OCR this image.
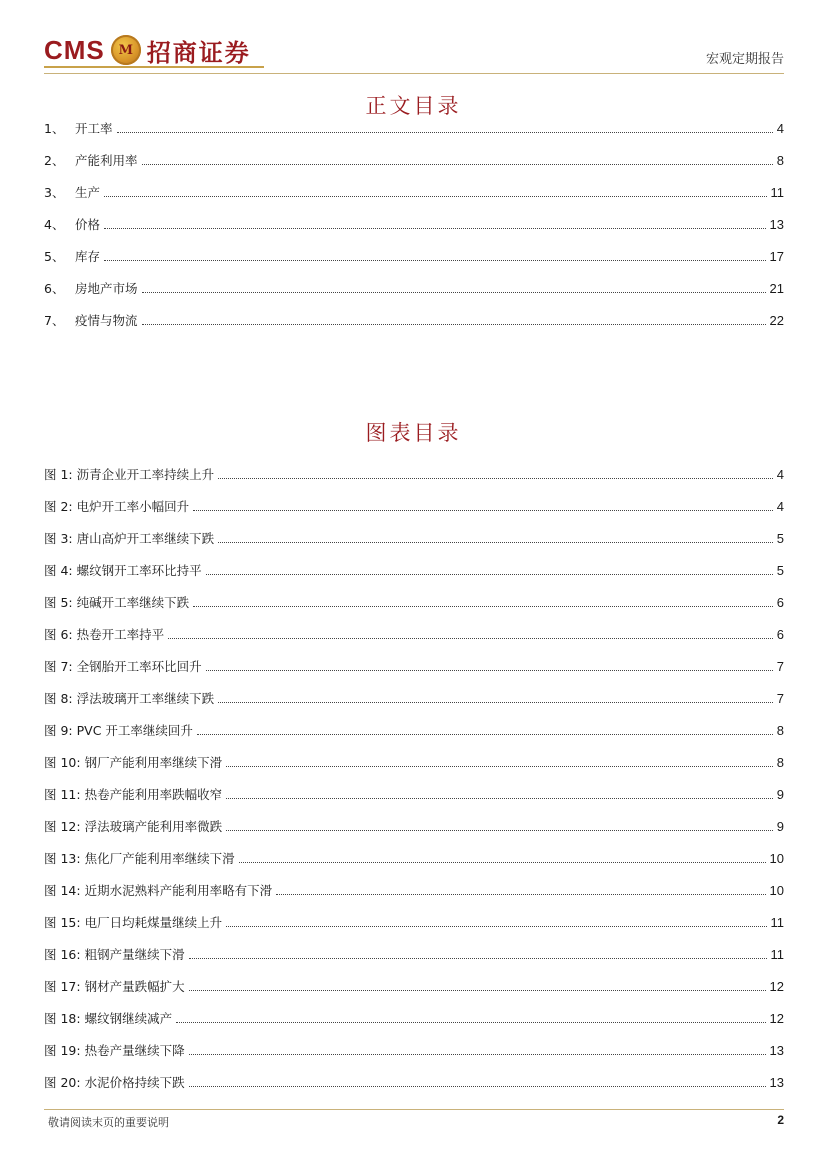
CMS	M 招商证券	宏观定期报告
正文目录
1、 开工率	4
2、 产能利用率	8
3、 生产	11
4、 价格	13
5、 库存	17
6、 房地产市场	21
7、 疫情与物流	22
图表目录
图 1: 沥青企业开工率持续上升	4
图 2: 电炉开工率小幅回升	4
图 3: 唐山高炉开工率继续下跌	5
图 4: 螺纹钢开工率环比持平	5
图 5: 纯碱开工率继续下跌	6
图 6: 热卷开工率持平	6
图 7: 全钢胎开工率环比回升	7
图 8: 浮法玻璃开工率继续下跌	7
图 9: PVC 开工率继续回升	8
图 10: 钢厂产能利用率继续下滑	8
图 11: 热卷产能利用率跌幅收窄	9
图 12: 浮法玻璃产能利用率微跌	9
图 13: 焦化厂产能利用率继续下滑	10
图 14: 近期水泥熟料产能利用率略有下滑	10
图 15: 电厂日均耗煤量继续上升	11
图 16: 粗钢产量继续下滑	11
图 17: 钢材产量跌幅扩大	12
图 18: 螺纹钢继续减产	12
图 19: 热卷产量继续下降	13
图 20: 水泥价格持续下跌	13
敬请阅读末页的重要说明	2
